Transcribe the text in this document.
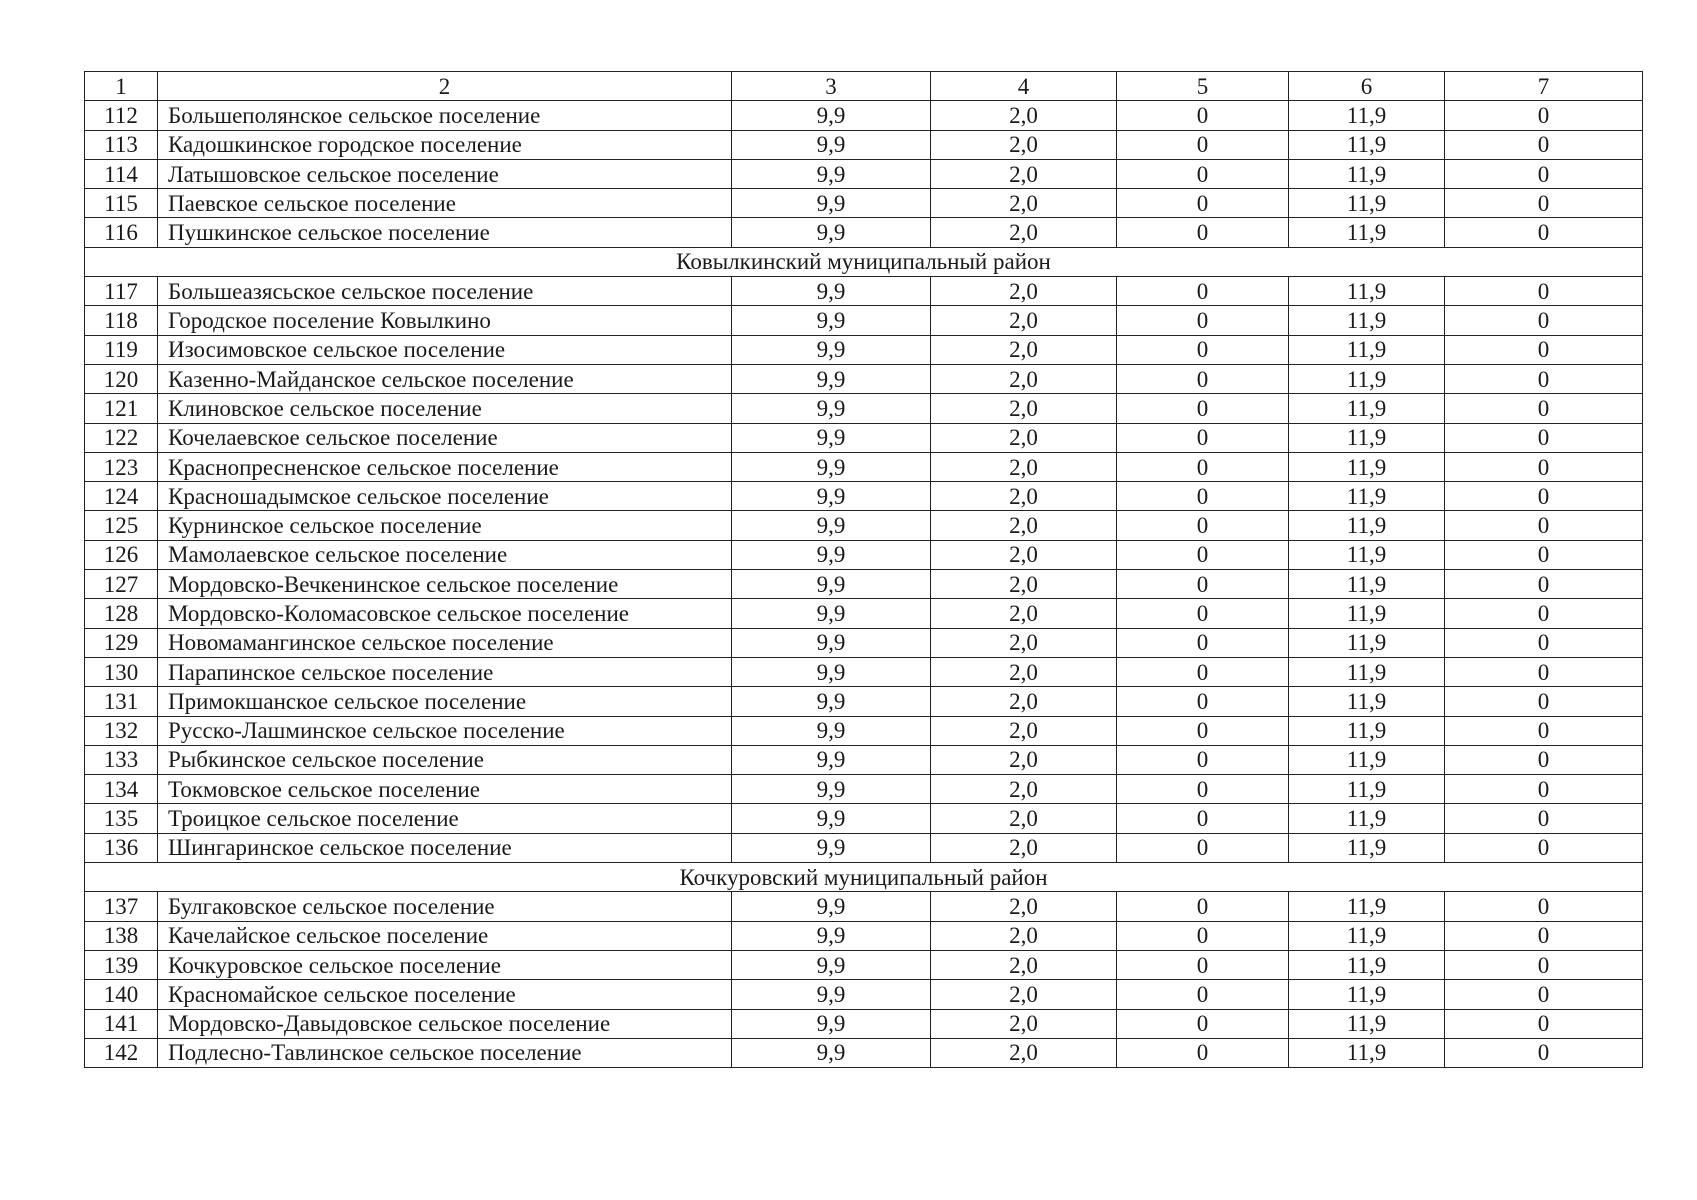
1	2	3	4	5	6	7
112	Большеполянское сельское поселение	9,9	2,0	0	11,9	0
113	Кадошкинское городское поселение	9,9	2,0	0	11,9	0
114	Латышовское сельское поселение	9,9	2,0	0	11,9	0
115	Паевское сельское поселение	9,9	2,0	0	11,9	0
116	Пушкинское сельское поселение	9,9	2,0	0	11,9	0
Ковылкинский муниципальный район						
117	Большеазясьское сельское поселение	9,9	2,0	0	11,9	0
118	Городское поселение Ковылкино	9,9	2,0	0	11,9	0
119	Изосимовское сельское поселение	9,9	2,0	0	11,9	0
120	Казенно-Майданское сельское поселение	9,9	2,0	0	11,9	0
121	Клиновское сельское поселение	9,9	2,0	0	11,9	0
122	Кочелаевское сельское поселение	9,9	2,0	0	11,9	0
123	Краснопресненское сельское поселение	9,9	2,0	0	11,9	0
124	Красношадымское сельское поселение	9,9	2,0	0	11,9	0
125	Курнинское сельское поселение	9,9	2,0	0	11,9	0
126	Мамолаевское сельское поселение	9,9	2,0	0	11,9	0
127	Мордовско-Вечкенинское сельское поселение	9,9	2,0	0	11,9	0
128	Мордовско-Коломасовское сельское поселение	9,9	2,0	0	11,9	0
129	Новомамангинское сельское поселение	9,9	2,0	0	11,9	0
130	Парапинское сельское поселение	9,9	2,0	0	11,9	0
131	Примокшанское сельское поселение	9,9	2,0	0	11,9	0
132	Русско-Лашминское сельское поселение	9,9	2,0	0	11,9	0
133	Рыбкинское сельское поселение	9,9	2,0	0	11,9	0
134	Токмовское сельское поселение	9,9	2,0	0	11,9	0
135	Троицкое сельское поселение	9,9	2,0	0	11,9	0
136	Шингаринское сельское поселение	9,9	2,0	0	11,9	0
Кочкуровский муниципальный район						
137	Булгаковское сельское поселение	9,9	2,0	0	11,9	0
138	Качелайское сельское поселение	9,9	2,0	0	11,9	0
139	Кочкуровское сельское поселение	9,9	2,0	0	11,9	0
140	Красномайское сельское поселение	9,9	2,0	0	11,9	0
141	Мордовско-Давыдовское сельское поселение	9,9	2,0	0	11,9	0
142	Подлесно-Тавлинское сельское поселение	9,9	2,0	0	11,9	0
